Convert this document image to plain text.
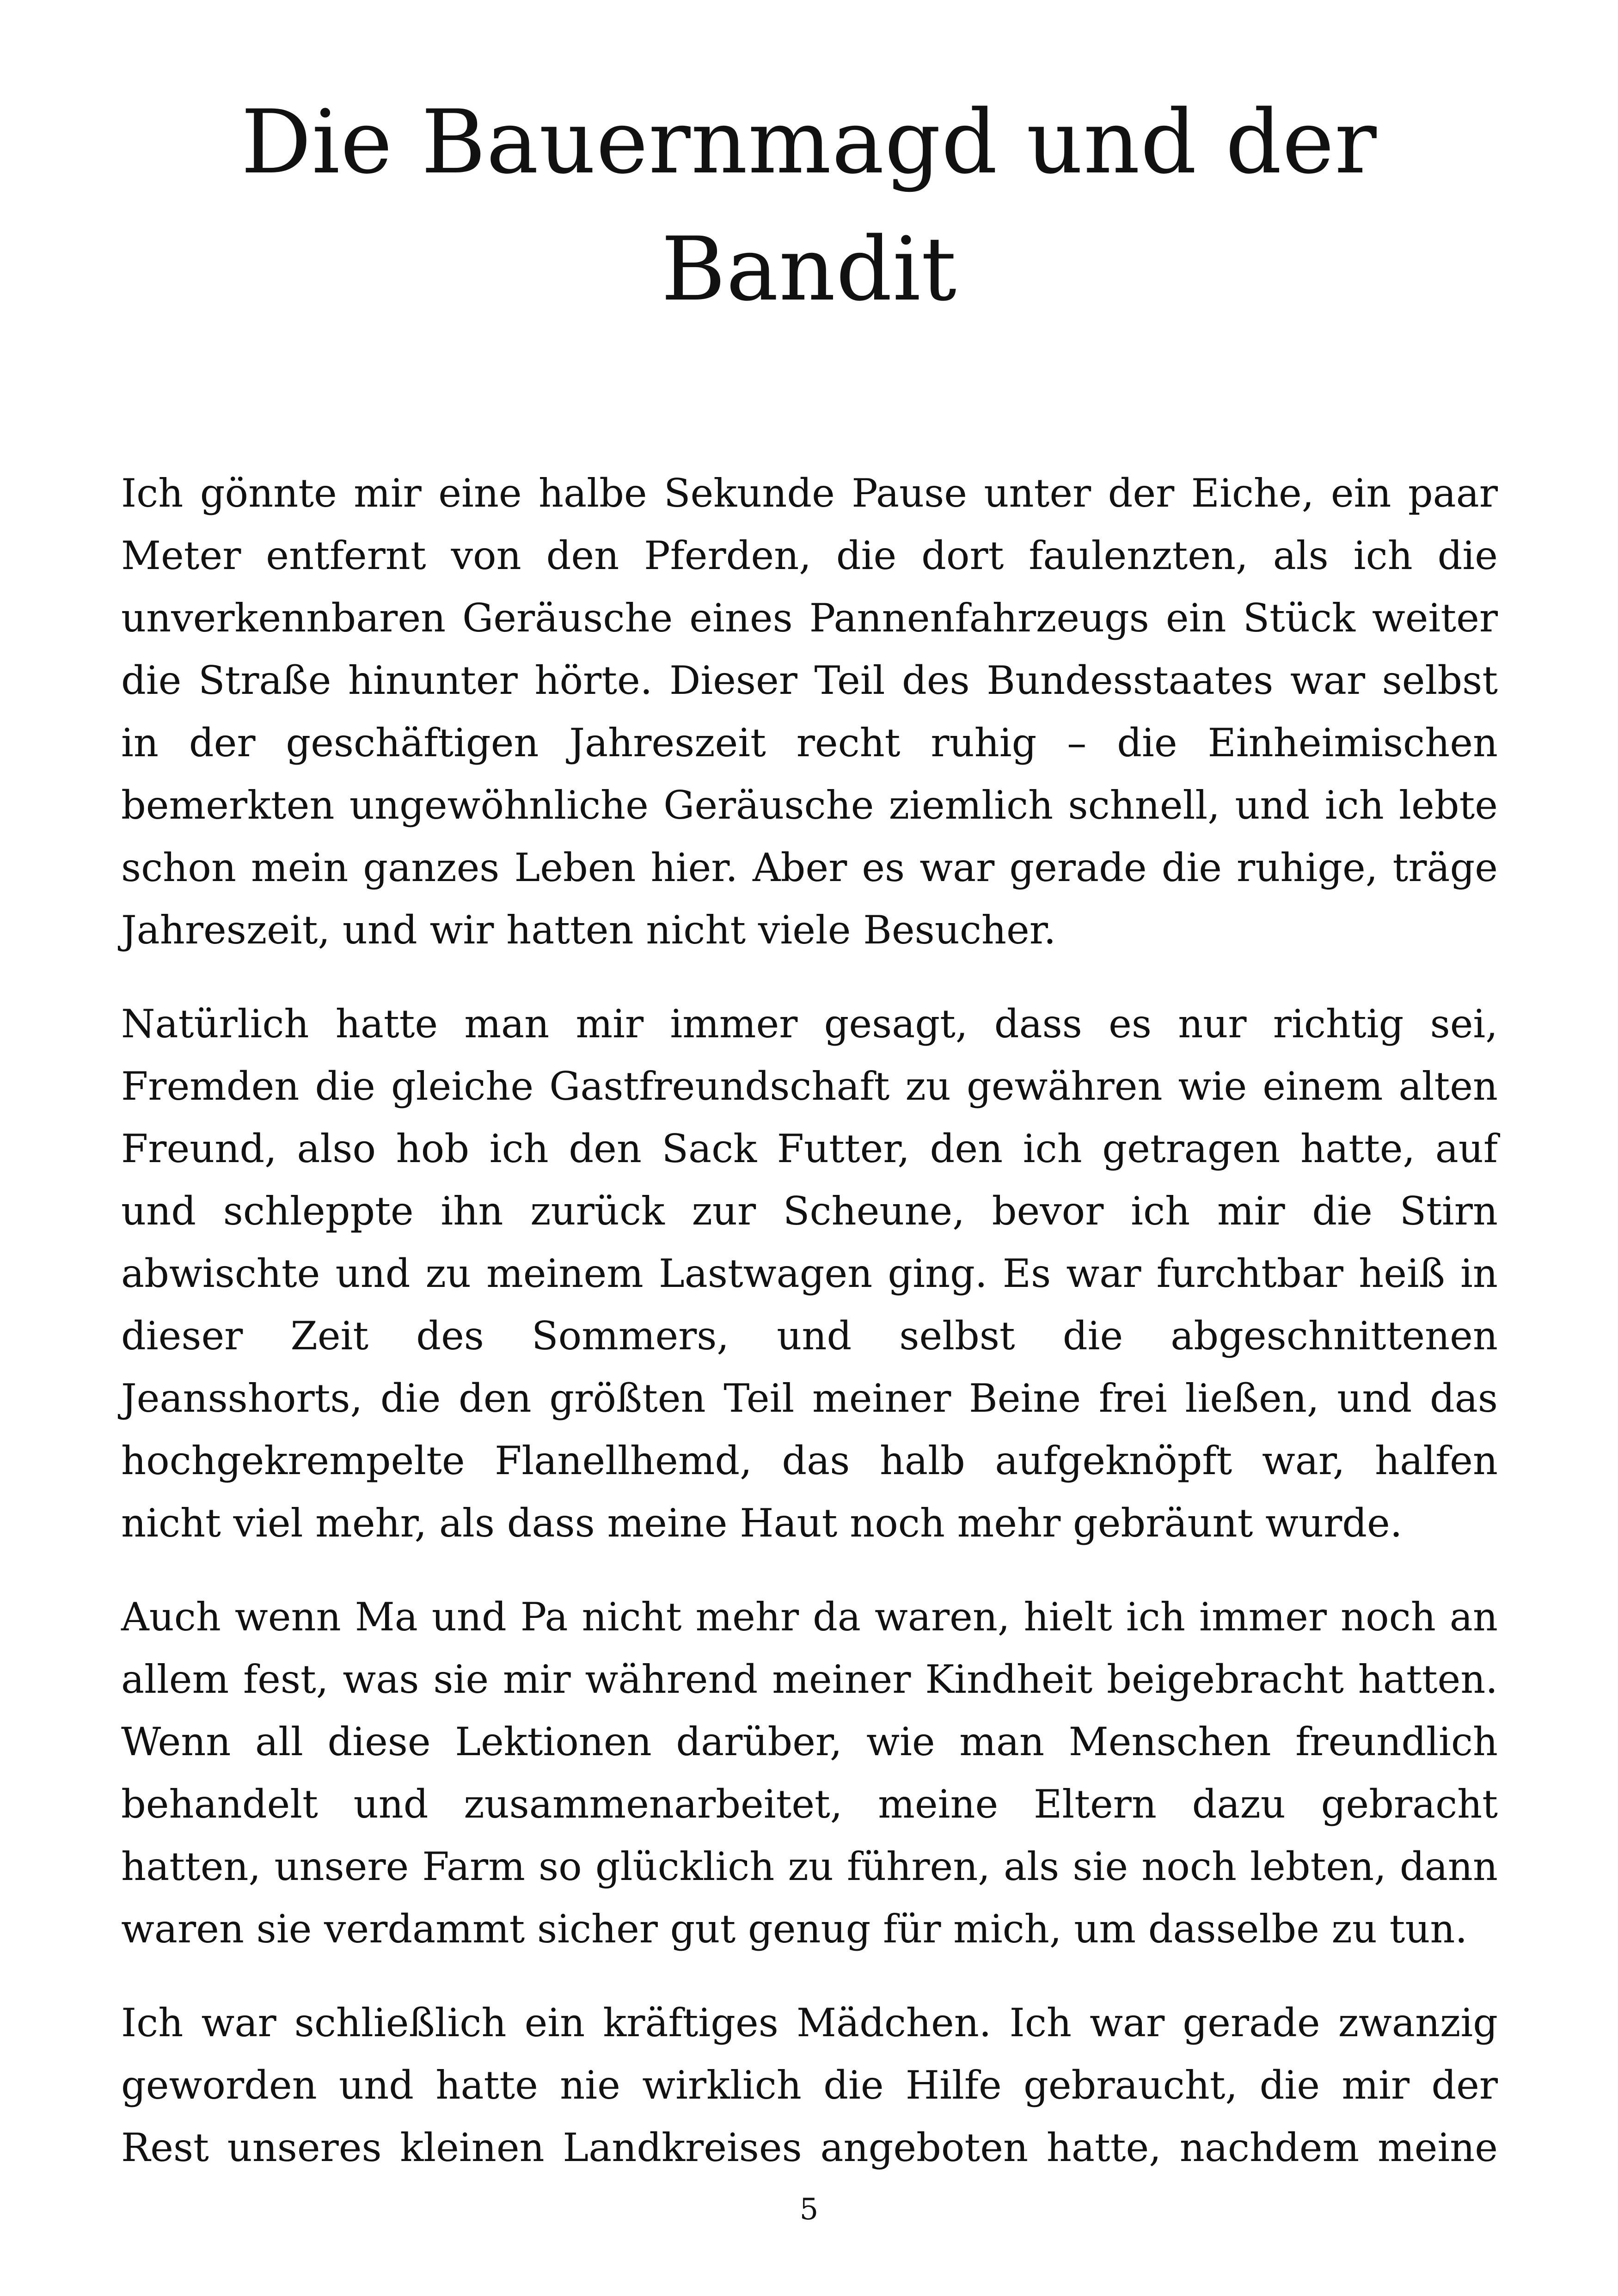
Die Bauernmagd und der Bandit

Ich gönnte mir eine halbe Sekunde Pause unter der Eiche, ein paar Meter entfernt von den Pferden, die dort faulenzten, als ich die unverkennbaren Geräusche eines Pannenfahrzeugs ein Stück weiter die Straße hinunter hörte. Dieser Teil des Bundesstaates war selbst in der geschäftigen Jahreszeit recht ruhig – die Einheimischen bemerkten ungewöhnliche Geräusche ziemlich schnell, und ich lebte schon mein ganzes Leben hier. Aber es war gerade die ruhige, träge Jahreszeit, und wir hatten nicht viele Besucher.

Natürlich hatte man mir immer gesagt, dass es nur richtig sei, Fremden die gleiche Gastfreundschaft zu gewähren wie einem alten Freund, also hob ich den Sack Futter, den ich getragen hatte, auf und schleppte ihn zurück zur Scheune, bevor ich mir die Stirn abwischte und zu meinem Lastwagen ging. Es war furchtbar heiß in dieser Zeit des Sommers, und selbst die abgeschnittenen Jeansshorts, die den größten Teil meiner Beine frei ließen, und das hochgekrempelte Flanellhemd, das halb aufgeknöpft war, halfen nicht viel mehr, als dass meine Haut noch mehr gebräunt wurde.

Auch wenn Ma und Pa nicht mehr da waren, hielt ich immer noch an allem fest, was sie mir während meiner Kindheit beigebracht hatten. Wenn all diese Lektionen darüber, wie man Menschen freundlich behandelt und zusammenarbeitet, meine Eltern dazu gebracht hatten, unsere Farm so glücklich zu führen, als sie noch lebten, dann waren sie verdammt sicher gut genug für mich, um dasselbe zu tun.

Ich war schließlich ein kräftiges Mädchen. Ich war gerade zwanzig geworden und hatte nie wirklich die Hilfe gebraucht, die mir der Rest unseres kleinen Landkreises angeboten hatte, nachdem meine

5
